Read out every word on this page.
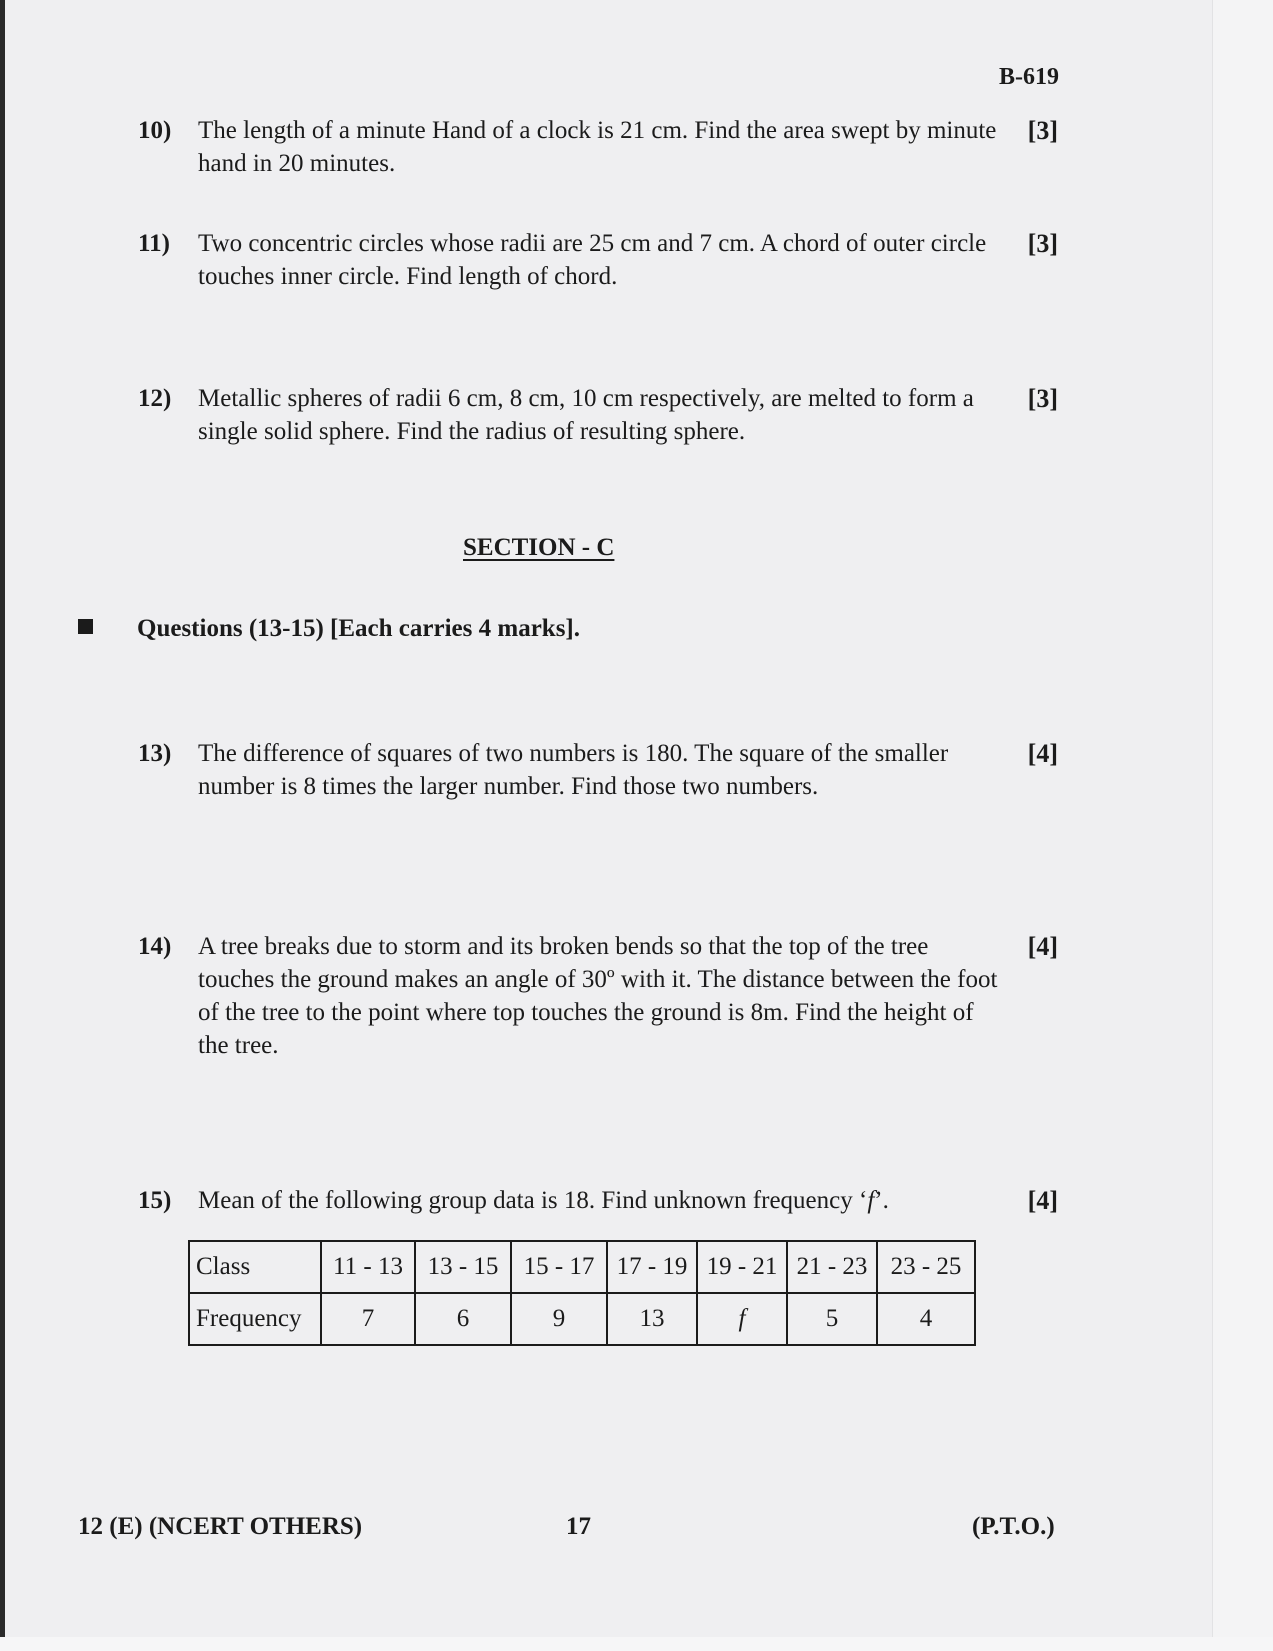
B-619
10) The length of a minute Hand of a clock is 21 cm. Find the area swept by minute hand in 20 minutes.
[3]
11) Two concentric circles whose radii are 25 cm and 7 cm. A chord of outer circle touches inner circle. Find length of chord.
[3]
12) Metallic spheres of radii 6 cm, 8 cm, 10 cm respectively, are melted to form a single solid sphere. Find the radius of resulting sphere.
[3]
SECTION - C
Questions (13-15) [Each carries 4 marks].
13) The difference of squares of two numbers is 180. The square of the smaller number is 8 times the larger number. Find those two numbers.
[4]
14) A tree breaks due to storm and its broken bends so that the top of the tree touches the ground makes an angle of 30º with it. The distance between the foot of the tree to the point where top touches the ground is 8m. Find the height of the tree.
[4]
15) Mean of the following group data is 18. Find unknown frequency ‘f’.	[4]
Class	11 - 13	13 - 15	15 - 17	17 - 19	19 - 21	21 - 23	23 - 25
Frequency	7	6	9	13	f	5	4
12 (E) (NCERT OTHERS)	17	(P.T.O.)
